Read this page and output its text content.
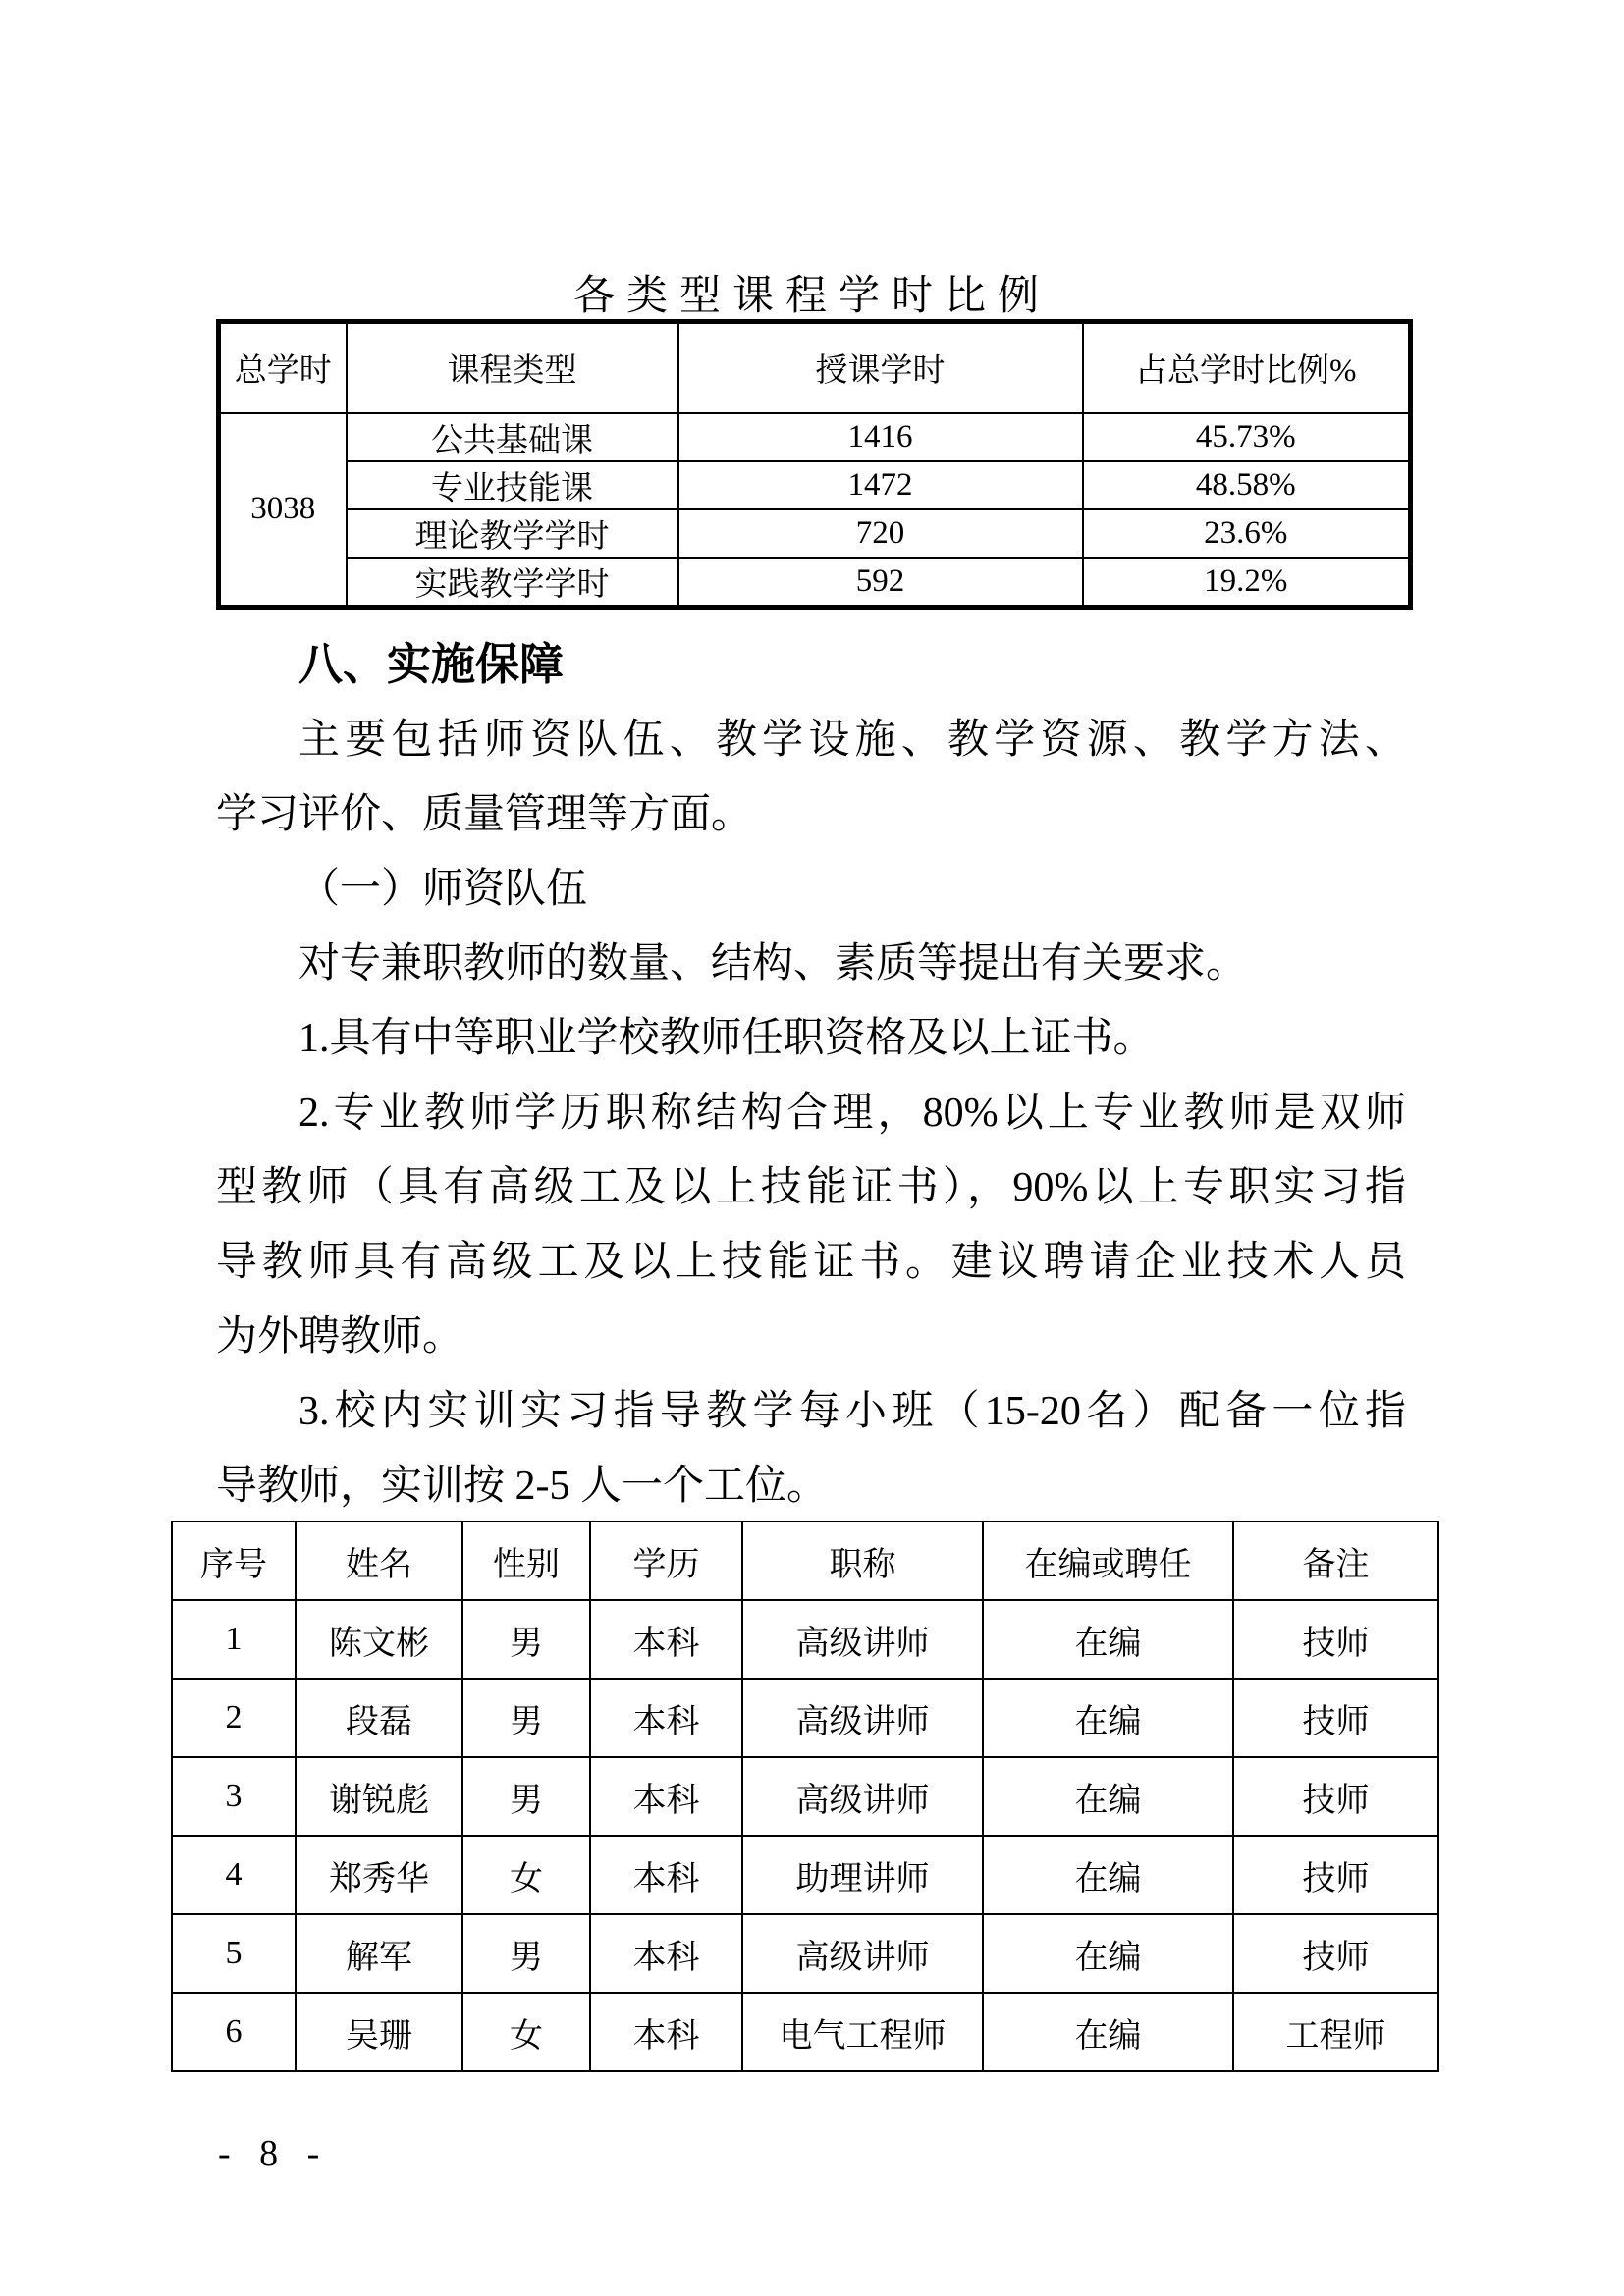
各类型课程学时比例
总学时	课程类型	授课学时	占总学时比例%
3038	公共基础课	1416	45.73%
	专业技能课	1472	48.58%
	理论教学学时	720	23.6%
	实践教学学时	592	19.2%
八、实施保障
主要包括师资队伍、教学设施、教学资源、教学方法、
学习评价、质量管理等方面。
（一）师资队伍
对专兼职教师的数量、结构、素质等提出有关要求。
1.具有中等职业学校教师任职资格及以上证书。
2.专业教师学历职称结构合理，80%以上专业教师是双师
型教师（具有高级工及以上技能证书），90%以上专职实习指
导教师具有高级工及以上技能证书。建议聘请企业技术人员
为外聘教师。
3.校内实训实习指导教学每小班（15-20名）配备一位指
导教师，实训按 2-5 人一个工位。
序号	姓名	性别	学历	职称	在编或聘任	备注
1	陈文彬	男	本科	高级讲师	在编	技师
2	段磊	男	本科	高级讲师	在编	技师
3	谢锐彪	男	本科	高级讲师	在编	技师
4	郑秀华	女	本科	助理讲师	在编	技师
5	解军	男	本科	高级讲师	在编	技师
6	吴珊	女	本科	电气工程师	在编	工程师
- 8 -
